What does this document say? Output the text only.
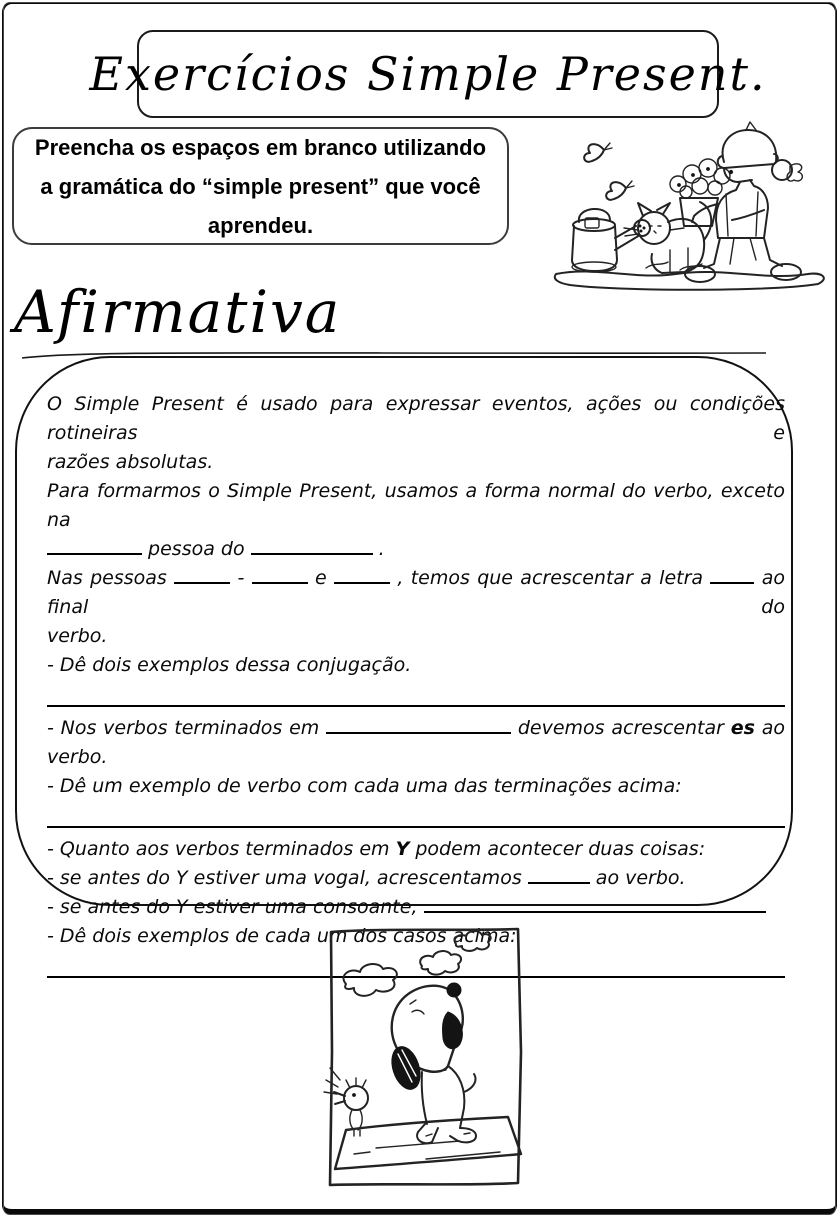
Exercícios Simple Present.
Preencha os espaços em branco utilizando a gramática do “simple present” que você aprendeu.
Afirmativa
O Simple Present é usado para expressar eventos, ações ou condições rotineiras e
razões absolutas.
Para formarmos o Simple Present, usamos a forma normal do verbo, exceto na
pessoa do	.
Nas pessoas	-	e	, temos que acrescentar a letra  ao final do
verbo.
- Dê dois exemplos dessa conjugação.
- Nos verbos terminados em	devemos acrescentar es ao verbo.
- Dê um exemplo de verbo com cada uma das terminações acima:
- Quanto aos verbos terminados em Y podem acontecer duas coisas:
- se antes do Y estiver uma vogal, acrescentamos	ao verbo.
- se antes do Y estiver uma consoante,
- Dê dois exemplos de cada um dos casos acima:
